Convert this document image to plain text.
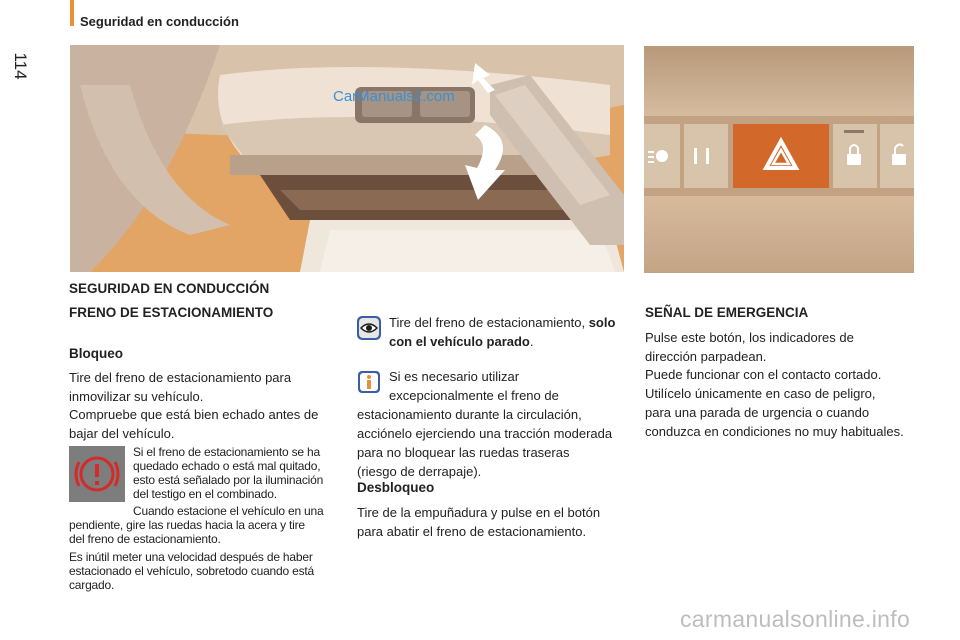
Seguridad en conducción
114
CarManuals2.com
SEGURIDAD EN CONDUCCIÓN
FRENO DE ESTACIONAMIENTO
Bloqueo
Tire del freno de estacionamiento para inmovilizar su vehículo.
Compruebe que está bien echado antes de bajar del vehículo.
Si el freno de estacionamiento se ha
quedado echado o está mal quitado,
esto está señalado por la iluminación
del testigo en el combinado.
Cuando estacione el vehículo en una
pendiente, gire las ruedas hacia la acera y tire
del freno de estacionamiento.
Es inútil meter una velocidad después de haber
estacionado el vehículo, sobretodo cuando está
cargado.
Tire del freno de estacionamiento, solo con el vehículo parado.
Si es necesario utilizar
excepcionalmente el freno de
estacionamiento durante la circulación,
acciónelo ejerciendo una tracción moderada
para no bloquear las ruedas traseras
(riesgo de derrapaje).
Desbloqueo
Tire de la empuñadura y pulse en el botón
para abatir el freno de estacionamiento.
SEÑAL DE EMERGENCIA
Pulse este botón, los indicadores de
dirección parpadean.
Puede funcionar con el contacto cortado.
Utilícelo únicamente en caso de peligro,
para una parada de urgencia o cuando
conduzca en condiciones no muy habituales.
carmanualsonline.info
